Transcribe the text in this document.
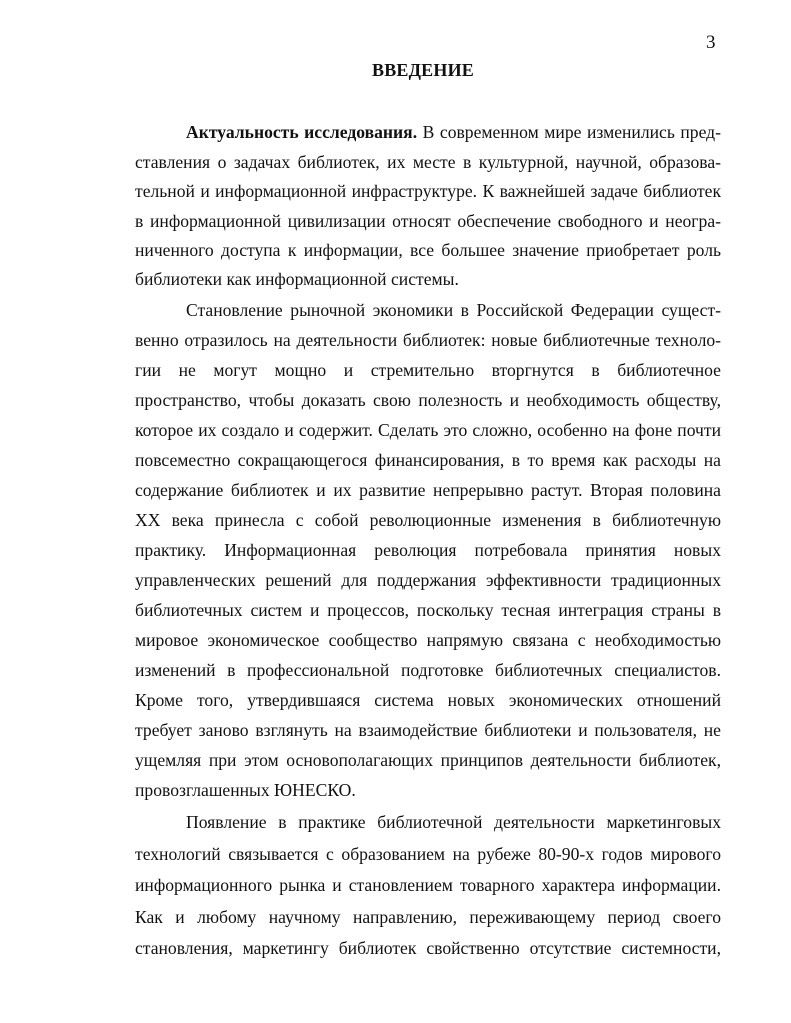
3
ВВЕДЕНИЕ
Актуальность исследования. В современном мире изменились пред-
ставления о задачах библиотек, их месте в культурной, научной, образова-
тельной и информационной инфраструктуре. К важнейшей задаче библиотек
в информационной цивилизации относят обеспечение свободного и неогра-
ниченного доступа к информации, все большее значение приобретает роль
библиотеки как информационной системы.
Становление рыночной экономики в Российской Федерации сущест-
венно отразилось на деятельности библиотек: новые библиотечные техноло-
гии не могут мощно и стремительно вторгнутся в библиотечное
пространство, чтобы доказать свою полезность и необходимость обществу,
которое их создало и содержит. Сделать это сложно, особенно на фоне почти
повсеместно сокращающегося финансирования, в то время как расходы на
содержание библиотек и их развитие непрерывно растут. Вторая половина
XX века принесла с собой революционные изменения в библиотечную
практику. Информационная революция потребовала принятия новых
управленческих решений для поддержания эффективности традиционных
библиотечных систем и процессов, поскольку тесная интеграция страны в
мировое экономическое сообщество напрямую связана с необходимостью
изменений в профессиональной подготовке библиотечных специалистов.
Кроме того, утвердившаяся система новых экономических отношений
требует заново взглянуть на взаимодействие библиотеки и пользователя, не
ущемляя при этом основополагающих принципов деятельности библиотек,
провозглашенных ЮНЕСКО.
Появление в практике библиотечной деятельности маркетинговых
технологий связывается с образованием на рубеже 80-90-х годов мирового
информационного рынка и становлением товарного характера информации.
Как и любому научному направлению, переживающему период своего
становления, маркетингу библиотек свойственно отсутствие системности,
